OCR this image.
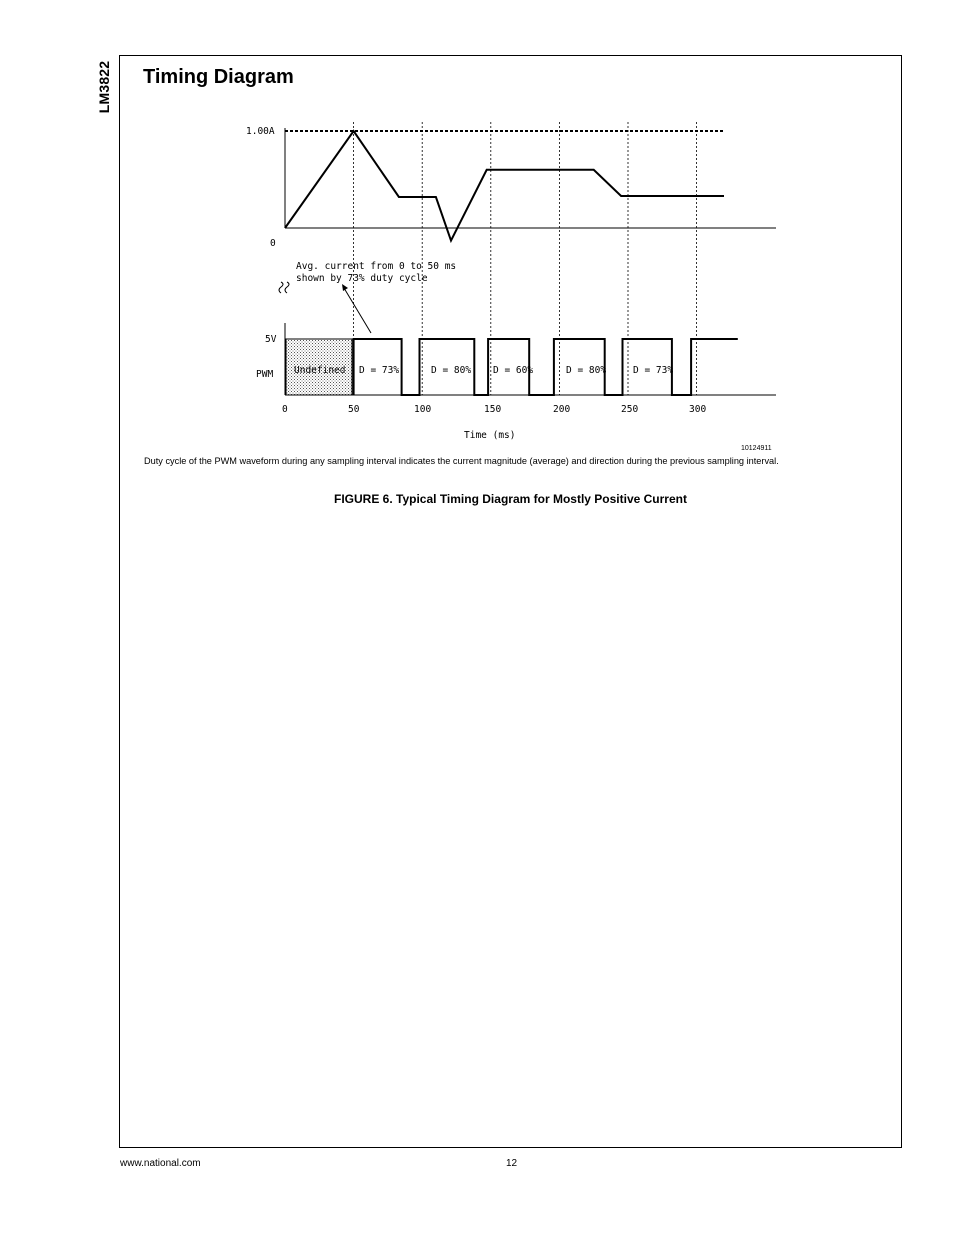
LM3822 Timing Diagram
1.00A
0
Avg. current from 0 to 50 ms
shown by 73% duty cycle
5V
PWM Undefined D = 73%	D = 80% D = 60%	D = 80%	D = 73%
0	50	100	150	200	250	300
Time (ms)
10124911
Duty cycle of the PWM waveform during any sampling interval indicates the current magnitude (average) and direction during the previous sampling interval.
FIGURE 6. Typical Timing Diagram for Mostly Positive Current
www.national.com	12
